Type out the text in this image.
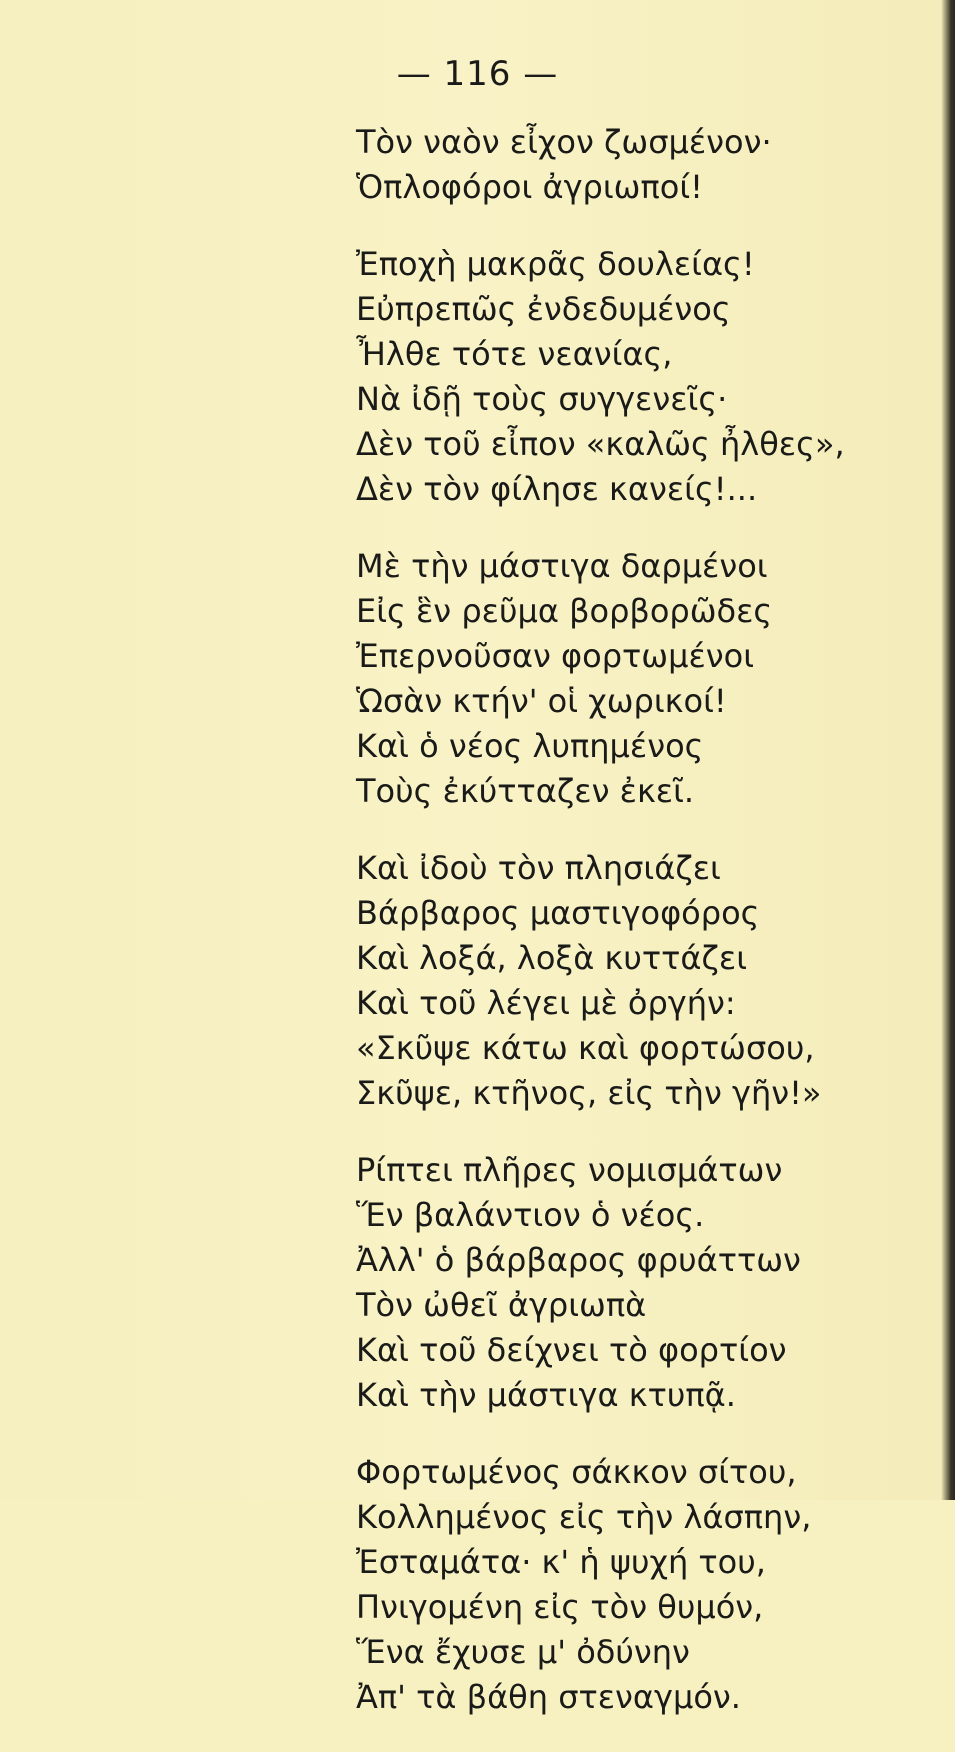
— 116 —
Τὸν ναὸν εἶχον ζωσμένον·
Ὁπλοφόροι ἀγριωποί!
Ἐποχὴ μακρᾶς δουλείας!
Εὐπρεπῶς ἐνδεδυμένος
Ἦλθε τότε νεανίας,
Νὰ ἰδῇ τοὺς συγγενεῖς·
Δὲν τοῦ εἶπον «καλῶς ἦλθες»,
Δὲν τὸν φίλησε κανείς!...
Μὲ τὴν μάστιγα δαρμένοι
Εἰς ἓν ρεῦμα βορβορῶδες
Ἐπερνοῦσαν φορτωμένοι
Ὡσὰν κτήν' οἱ χωρικοί!
Καὶ ὁ νέος λυπημένος
Τοὺς ἐκύτταζεν ἐκεῖ.
Καὶ ἰδοὺ τὸν πλησιάζει
Βάρβαρος μαστιγοφόρος
Καὶ λοξά, λοξὰ κυττάζει
Καὶ τοῦ λέγει μὲ ὀργήν:
«Σκῦψε κάτω καὶ φορτώσου,
Σκῦψε, κτῆνος, εἰς τὴν γῆν!»
Ρίπτει πλῆρες νομισμάτων
Ἕν βαλάντιον ὁ νέος.
Ἀλλ' ὁ βάρβαρος φρυάττων
Τὸν ὠθεῖ ἀγριωπὰ
Καὶ τοῦ δείχνει τὸ φορτίον
Καὶ τὴν μάστιγα κτυπᾷ.
Φορτωμένος σάκκον σίτου,
Κολλημένος εἰς τὴν λάσπην,
Ἐσταμάτα· κ' ἡ ψυχή του,
Πνιγομένη εἰς τὸν θυμόν,
Ἕνα ἔχυσε μ' ὀδύνην
Ἀπ' τὰ βάθη στεναγμόν.
